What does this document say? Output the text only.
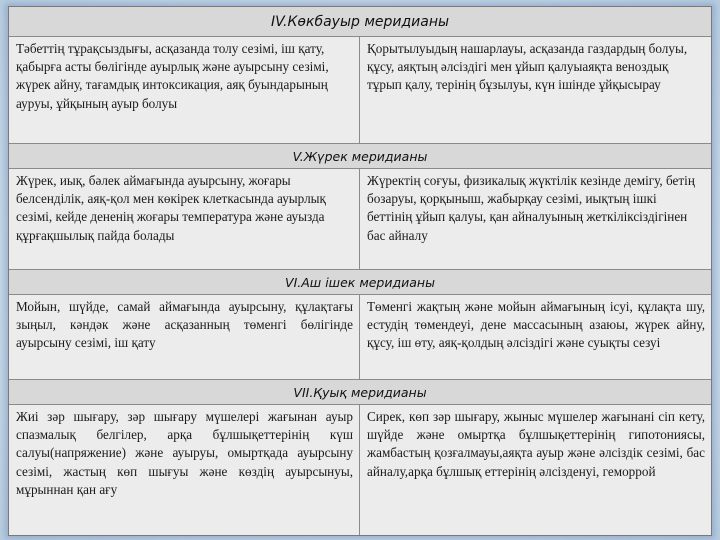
IV.Көкбауыр меридианы
Тәбеттің тұрақсыздығы, асқазанда толу сезімі, іш қату, қабырға асты бөлігінде ауырлық және ауырсыну сезімі, жүрек айну, тағамдық интоксикация, аяқ буындарының ауруы, ұйқының ауыр болуы
Қорытылуыдың нашарлауы, асқазанда газдардың болуы, құсу, аяқтың әлсіздігі мен ұйып қалуыаяқта веноздық тұрып қалу, терінің бұзылуы, күн ішінде ұйқысырау
V.Жүрек меридианы
Жүрек, иық, бәлек аймағында ауырсыну, жоғары белсенділік, аяқ-қол мен көкірек клеткасында ауырлық сезімі, кейде дененің жоғары температура және ауызда құрғақшылық пайда болады
Жүректің соғуы, физикалық жүктілік кезінде демігу, бетің бозаруы, қорқыныш, жабырқау сезімі, иықтың ішкі беттінің ұйып қалуы, қан айналуының жеткіліксіздігінен бас айналу
VI.Аш ішек меридианы
Мойын, шүйде, самай аймағында ауырсыну, құлақтағы зыңыл, кәндәк және асқазанның төменгі бөлігінде ауырсыну сезімі, іш қату
Төменгі жақтың және мойын аймағының ісуі, құлақта шу, естудің төмендеуі, дене массасының азаюы, жүрек айну, құсу, іш өту, аяқ-қолдың әлсіздігі және суықты сезуі
VII.Қуық меридианы
Жиі зәр шығару, зәр шығару мүшелері жағынан ауыр спазмалық белгілер, арқа бұлшықеттерінің күш салуы(напряжение) және ауыруы, омыртқада ауырсыну сезімі, жастың көп шығуы және көздің ауырсынуы, мұрыннан қан ағу
Сирек, көп зәр шығару, жыныс мүшелер жағынані сіп кету, шүйде және омыртқа бұлшықеттерінің гипотониясы, жамбастың қозғалмауы,аяқта ауыр және әлсіздік сезімі, бас айналу,арқа бұлшық еттерінің әлсізденуі, геморрой
